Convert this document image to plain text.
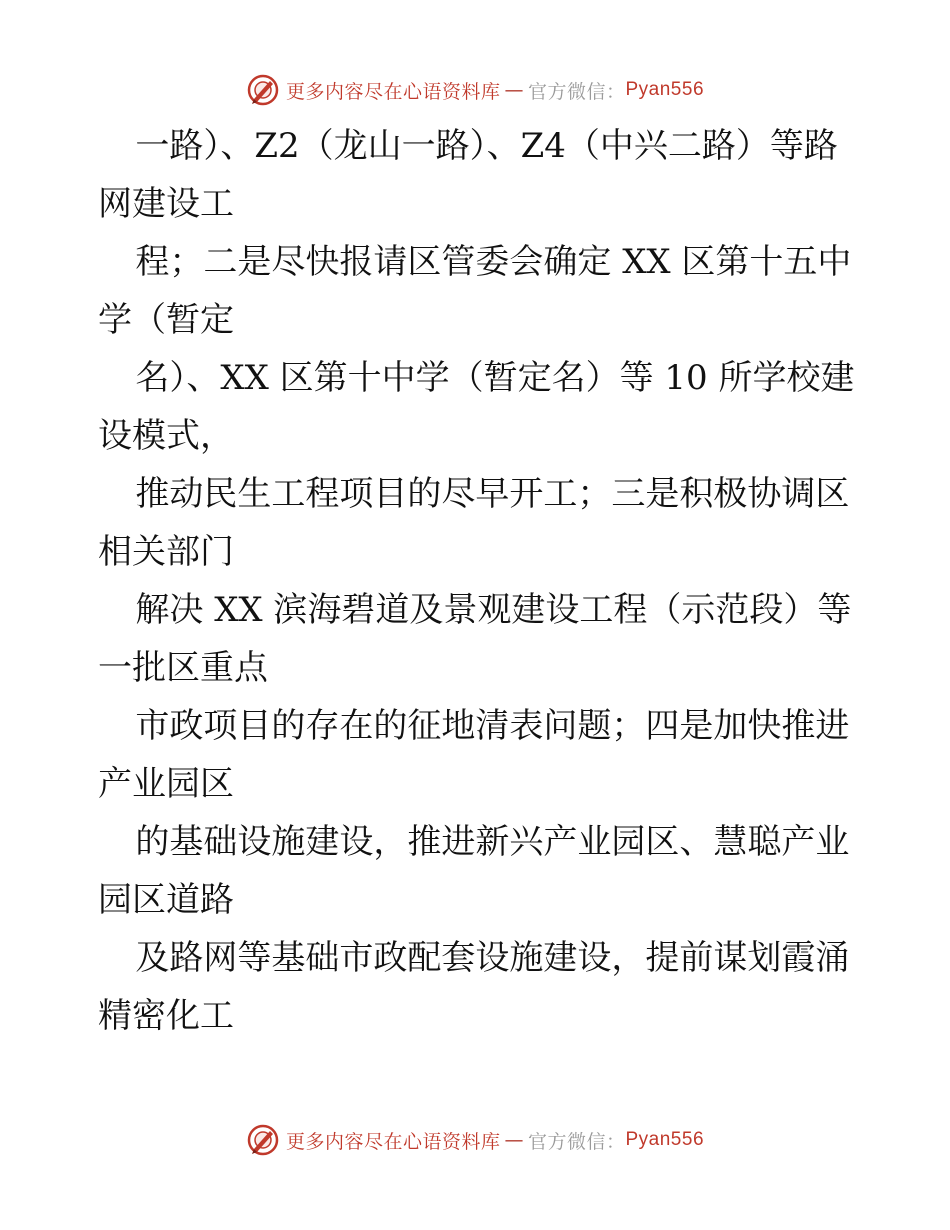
更多内容尽在心语资料库 — 官方微信： Pyan556

一路）、Z2（龙山一路）、Z4（中兴二路）等路网建设工

程；二是尽快报请区管委会确定 XX 区第十五中学（暂定

名）、XX 区第十中学（暂定名）等 10 所学校建设模式，

推动民生工程项目的尽早开工；三是积极协调区相关部门

解决 XX 滨海碧道及景观建设工程（示范段）等一批区重点

市政项目的存在的征地清表问题；四是加快推进产业园区

的基础设施建设，推进新兴产业园区、慧聪产业园区道路

及路网等基础市政配套设施建设，提前谋划霞涌精密化工

更多内容尽在心语资料库 — 官方微信： Pyan556
